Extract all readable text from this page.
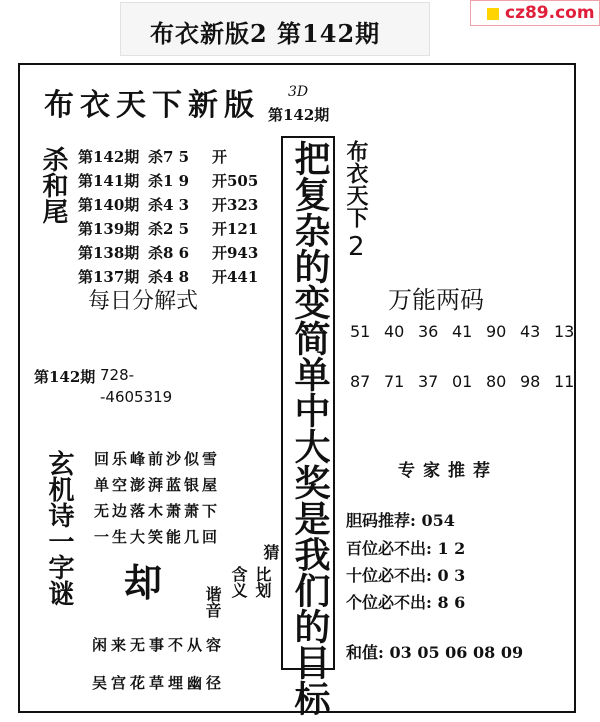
布衣新版2 第142期
cz89.com
布衣天下新版 3D
第142期
杀和尾 第142期 杀7 5 开
第141期 杀1 9 开505
第140期 杀4 3 开323
第139期 杀2 5 开121
第138期 杀8 6 开943
第137期 杀4 8 开441
每日分解式
第142期 728-
-4605319	把复杂的变简单中大奖是我们的目标 布衣天下
2
万能两码
51 40 36 41 90 43 13
87 71 37 01 80 98 11
专家推荐
胆码推荐: 054
百位必不出: 1 2
十位必不出: 0 3
个位必不出: 8 6
和值: 03 05 06 08 09
玄机诗一字谜 回乐峰前沙似雪
单空澎湃蓝银屋
无边落木萧萧下
一生大笑能几回
却	谐音
含义 比划
猜
闲来无事不从容
吴宫花草埋幽径
